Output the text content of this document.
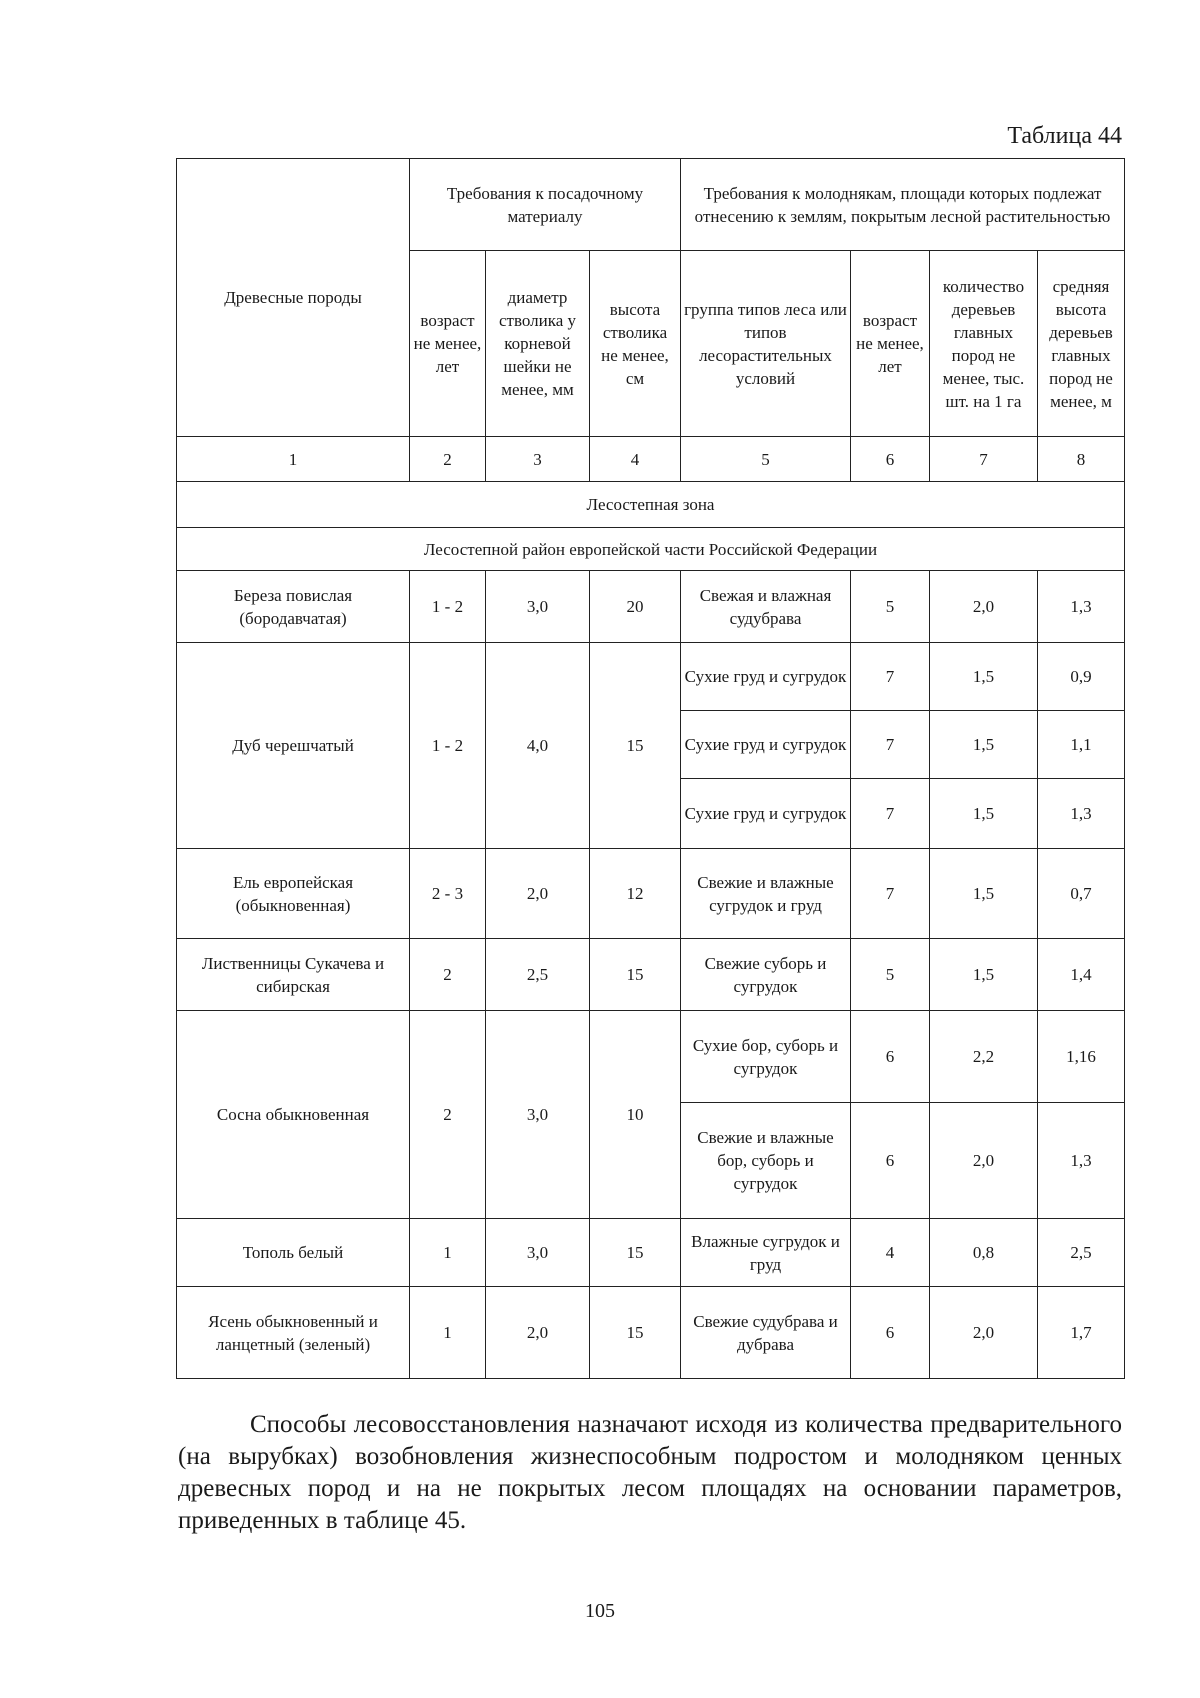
Таблица 44
Древесные породы	Требования к посадочному материалу			Требования к молоднякам, площади которых подлежат отнесению к землям, покрытым лесной растительностью			
	возраст не менее, лет	диаметр стволика у корневой шейки не менее, мм	высота стволика не менее, см	группа типов леса или типов лесорастительных условий	возраст не менее, лет	количество деревьев главных пород не менее, тыс. шт. на 1 га	средняя высота деревьев главных пород не менее, м
1	2	3	4	5	6	7	8
Лесостепная зона							
Лесостепной район европейской части Российской Федерации							
Береза повислая (бородавчатая)	1 - 2	3,0	20	Свежая и влажная судубрава	5	2,0	1,3
Дуб черешчатый	1 - 2	4,0	15	Сухие груд и сугрудок	7	1,5	0,9
				Сухие груд и сугрудок	7	1,5	1,1
				Сухие груд и сугрудок	7	1,5	1,3
Ель европейская (обыкновенная)	2 - 3	2,0	12	Свежие и влажные сугрудок и груд	7	1,5	0,7
Лиственницы Сукачева и сибирская	2	2,5	15	Свежие суборь и сугрудок	5	1,5	1,4
Сосна обыкновенная	2	3,0	10	Сухие бор, суборь и сугрудок	6	2,2	1,16
				Свежие и влажные бор, суборь и сугрудок	6	2,0	1,3
Тополь белый	1	3,0	15	Влажные сугрудок и груд	4	0,8	2,5
Ясень обыкновенный и ланцетный (зеленый)	1	2,0	15	Свежие судубрава и дубрава	6	2,0	1,7

Способы лесовосстановления назначают исходя из количества предварительного (на вырубках) возобновления жизнеспособным подростом и молодняком ценных древесных пород и на не покрытых лесом площадях на основании параметров, приведенных в таблице 45.

105
